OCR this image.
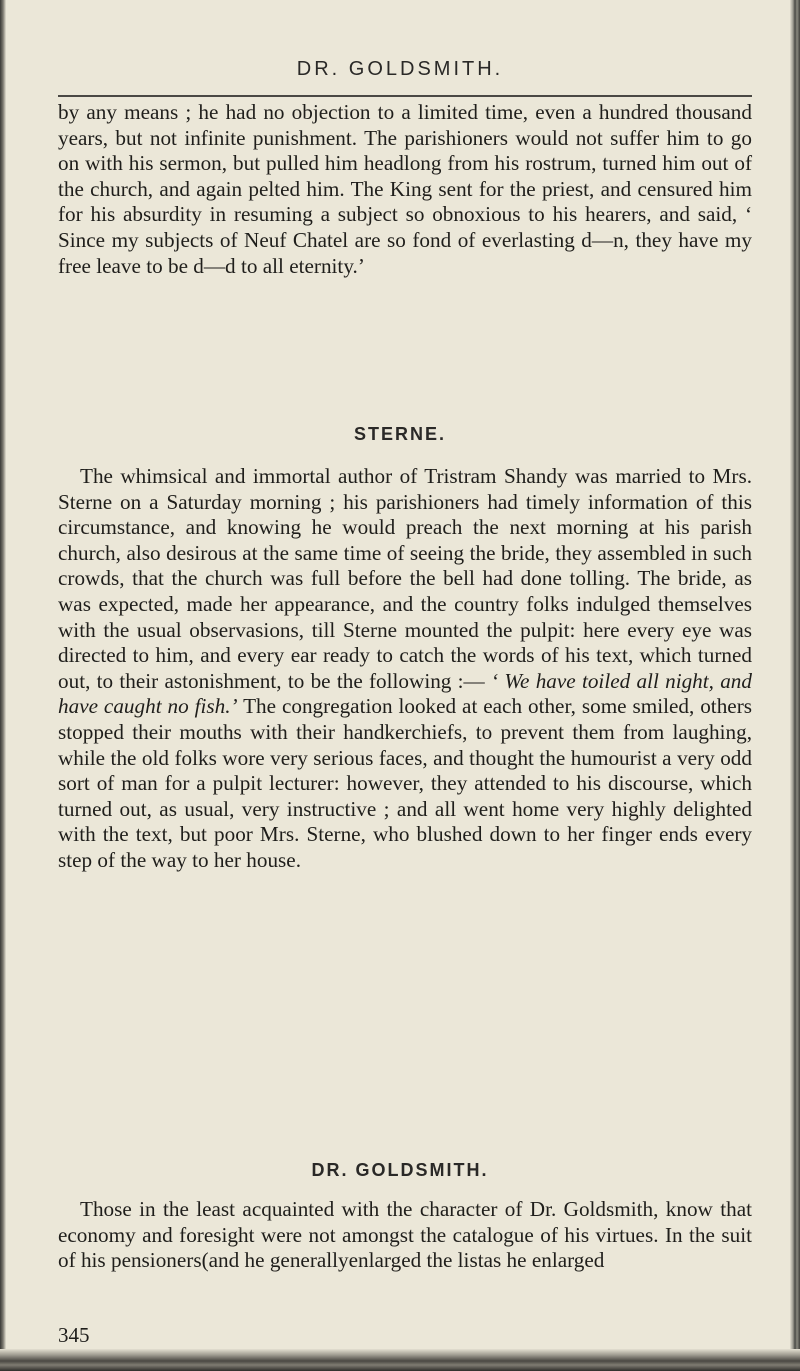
DR. GOLDSMITH.

by any means ; he had no objection to a limited time, even a hundred thousand years, but not infinite punishment. The parishioners would not suffer him to go on with his sermon, but pulled him headlong from his rostrum, turned him out of the church, and again pelted him. The King sent for the priest, and censured him for his absurdity in resuming a subject so obnoxious to his hearers, and said, ‘ Since my subjects of Neuf Chatel are so fond of everlasting d—n, they have my free leave to be d—d to all eternity.’

STERNE.

The whimsical and immortal author of Tristram Shandy was married to Mrs. Sterne on a Saturday morning ; his parishioners had timely information of this circumstance, and knowing he would preach the next morning at his parish church, also desirous at the same time of seeing the bride, they assembled in such crowds, that the church was full before the bell had done tolling. The bride, as was expected, made her appearance, and the country folks indulged themselves with the usual observasions, till Sterne mounted the pulpit: here every eye was directed to him, and every ear ready to catch the words of his text, which turned out, to their astonishment, to be the following :— ‘ We have toiled all night, and have caught no fish.’ The congregation looked at each other, some smiled, others stopped their mouths with their handkerchiefs, to prevent them from laughing, while the old folks wore very serious faces, and thought the humourist a very odd sort of man for a pulpit lecturer: however, they attended to his discourse, which turned out, as usual, very instructive ; and all went home very highly delighted with the text, but poor Mrs. Sterne, who blushed down to her finger ends every step of the way to her house.

DR. GOLDSMITH.

Those in the least acquainted with the character of Dr. Goldsmith, know that economy and foresight were not amongst the catalogue of his virtues. In the suit of his pensioners(and he generallyenlarged the listas he enlarged

345
